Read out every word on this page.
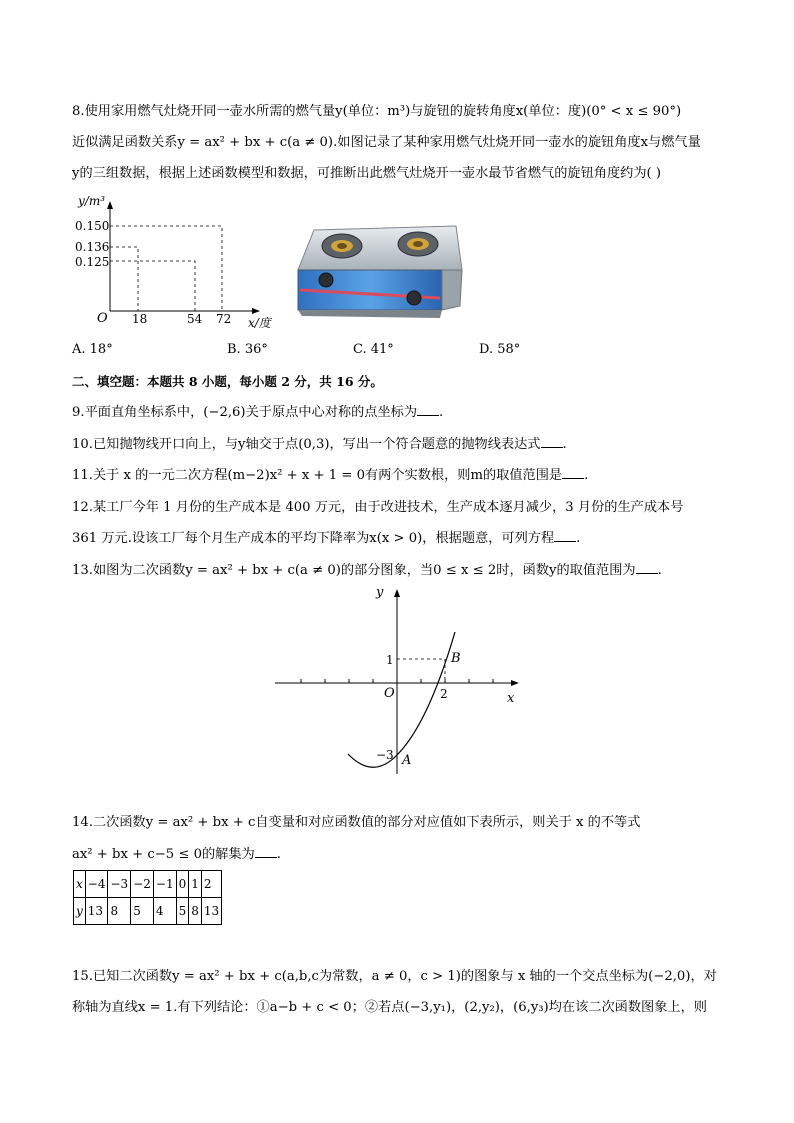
8.使用家用燃气灶烧开同一壶水所需的燃气量y(单位：m³)与旋钮的旋转角度x(单位：度)(0° < x ≤ 90°)
近似满足函数关系y = ax² + bx + c(a ≠ 0).如图记录了某种家用燃气灶烧开同一壶水的旋钮角度x与燃气量
y的三组数据，根据上述函数模型和数据，可推断出此燃气灶烧开一壶水最节省燃气的旋钮角度约为( )
y/m³
0.150
0.136
0.125
O 18	54 72 x/度
A. 18°	B. 36°	C. 41°	D. 58°
二、填空题：本题共 8 小题，每小题 2 分，共 16 分。
9.平面直角坐标系中，(−2,6)关于原点中心对称的点坐标为 .
10.已知抛物线开口向上，与y轴交于点(0,3)，写出一个符合题意的抛物线表达式 .
11.关于 x 的一元二次方程(m−2)x² + x + 1 = 0有两个实数根，则m的取值范围是 .
12.某工厂今年 1 月份的生产成本是 400 万元，由于改进技术，生产成本逐月减少，3 月份的生产成本号
361 万元.设该工厂每个月生产成本的平均下降率为x(x > 0)，根据题意，可列方程 .
13.如图为二次函数y = ax² + bx + c(a ≠ 0)的部分图象，当0 ≤ x ≤ 2时，函数y的取值范围为 .
y
x
O
1
2
−3
B
A
14.二次函数y = ax² + bx + c自变量和对应函数值的部分对应值如下表所示，则关于 x 的不等式
ax² + bx + c−5 ≤ 0的解集为 .
x	−4	−3	−2	−1	0	1	2
y	13	8	5	4	5	8	13
15.已知二次函数y = ax² + bx + c(a,b,c为常数，a ≠ 0，c > 1)的图象与 x 轴的一个交点坐标为(−2,0)，对
称轴为直线x = 1.有下列结论：①a−b + c < 0；②若点(−3,y₁)，(2,y₂)，(6,y₃)均在该二次函数图象上，则
